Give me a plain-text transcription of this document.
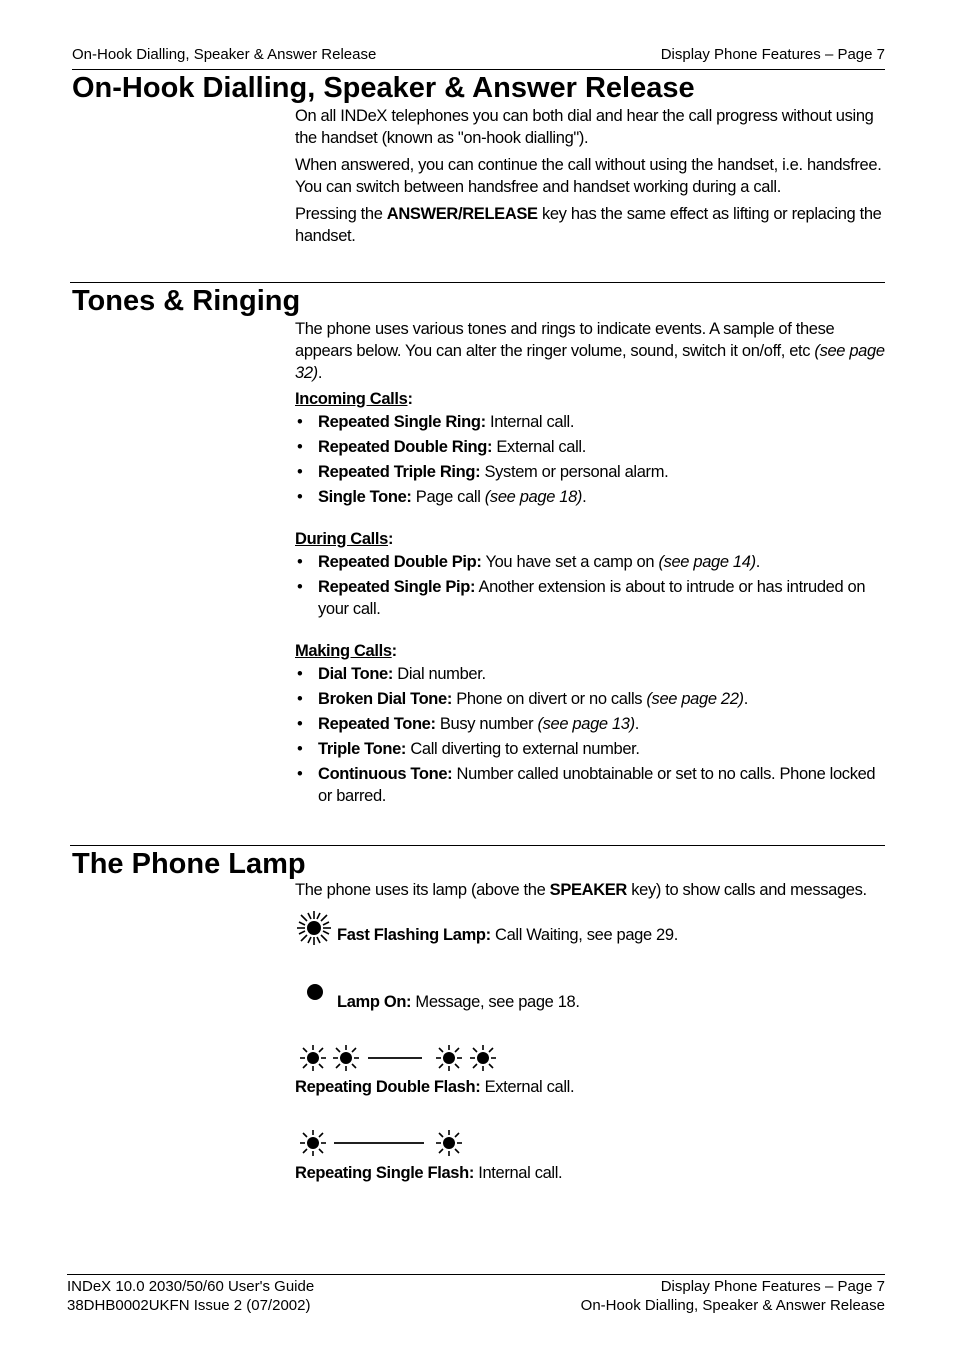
On-Hook Dialling, Speaker & Answer Release	Display Phone Features – Page 7
On-Hook Dialling, Speaker & Answer Release

On all INDeX telephones you can both dial and hear the call progress without using the handset (known as "on-hook dialling").

When answered, you can continue the call without using the handset, i.e. handsfree. You can switch between handsfree and handset working during a call.

Pressing the ANSWER/RELEASE key has the same effect as lifting or replacing the handset.

Tones & Ringing

The phone uses various tones and rings to indicate events. A sample of these appears below. You can alter the ringer volume, sound, switch it on/off, etc (see page 32).

Incoming Calls:
• Repeated Single Ring: Internal call.
• Repeated Double Ring: External call.
• Repeated Triple Ring: System or personal alarm.
• Single Tone: Page call (see page 18).
During Calls:
• Repeated Double Pip: You have set a camp on (see page 14).
• Repeated Single Pip: Another extension is about to intrude or has intruded on your call.
Making Calls:
• Dial Tone: Dial number.
• Broken Dial Tone: Phone on divert or no calls (see page 22).
• Repeated Tone: Busy number (see page 13).
• Triple Tone: Call diverting to external number.
• Continuous Tone: Number called unobtainable or set to no calls. Phone locked or barred.
The Phone Lamp
The phone uses its lamp (above the SPEAKER key) to show calls and messages.
Fast Flashing Lamp: Call Waiting, see page 29.
Lamp On: Message, see page 18.
Repeating Double Flash: External call.
Repeating Single Flash: Internal call.
INDeX 10.0 2030/50/60 User's Guide
38DHB0002UKFN Issue 2 (07/2002)
Display Phone Features – Page 7
On-Hook Dialling, Speaker & Answer Release
